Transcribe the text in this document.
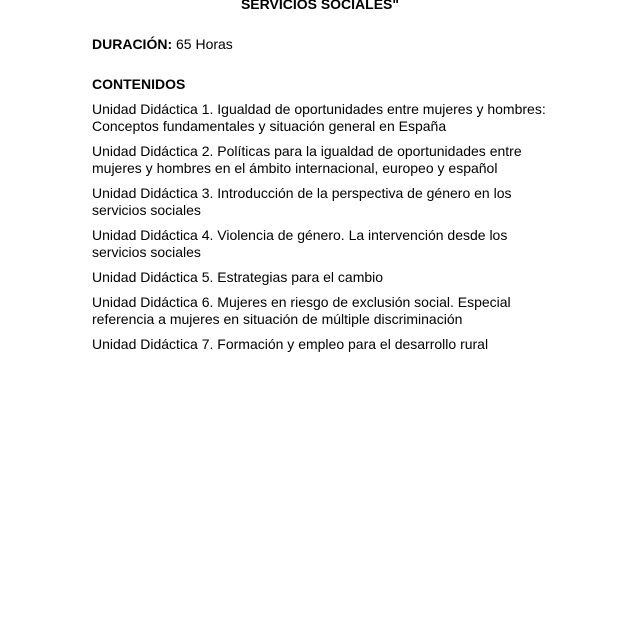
SERVICIOS SOCIALES"
DURACIÓN: 65 Horas
CONTENIDOS
Unidad Didáctica 1. Igualdad de oportunidades entre mujeres y hombres: Conceptos fundamentales y situación general en España
Unidad Didáctica 2. Políticas para la igualdad de oportunidades entre mujeres y hombres en el ámbito internacional, europeo y español
Unidad Didáctica 3. Introducción de la perspectiva de género en los servicios sociales
Unidad Didáctica 4. Violencia de género. La intervención desde los servicios sociales
Unidad Didáctica 5. Estrategias para el cambio
Unidad Didáctica 6. Mujeres en riesgo de exclusión social. Especial referencia a mujeres en situación de múltiple discriminación
Unidad Didáctica 7. Formación y empleo para el desarrollo rural
